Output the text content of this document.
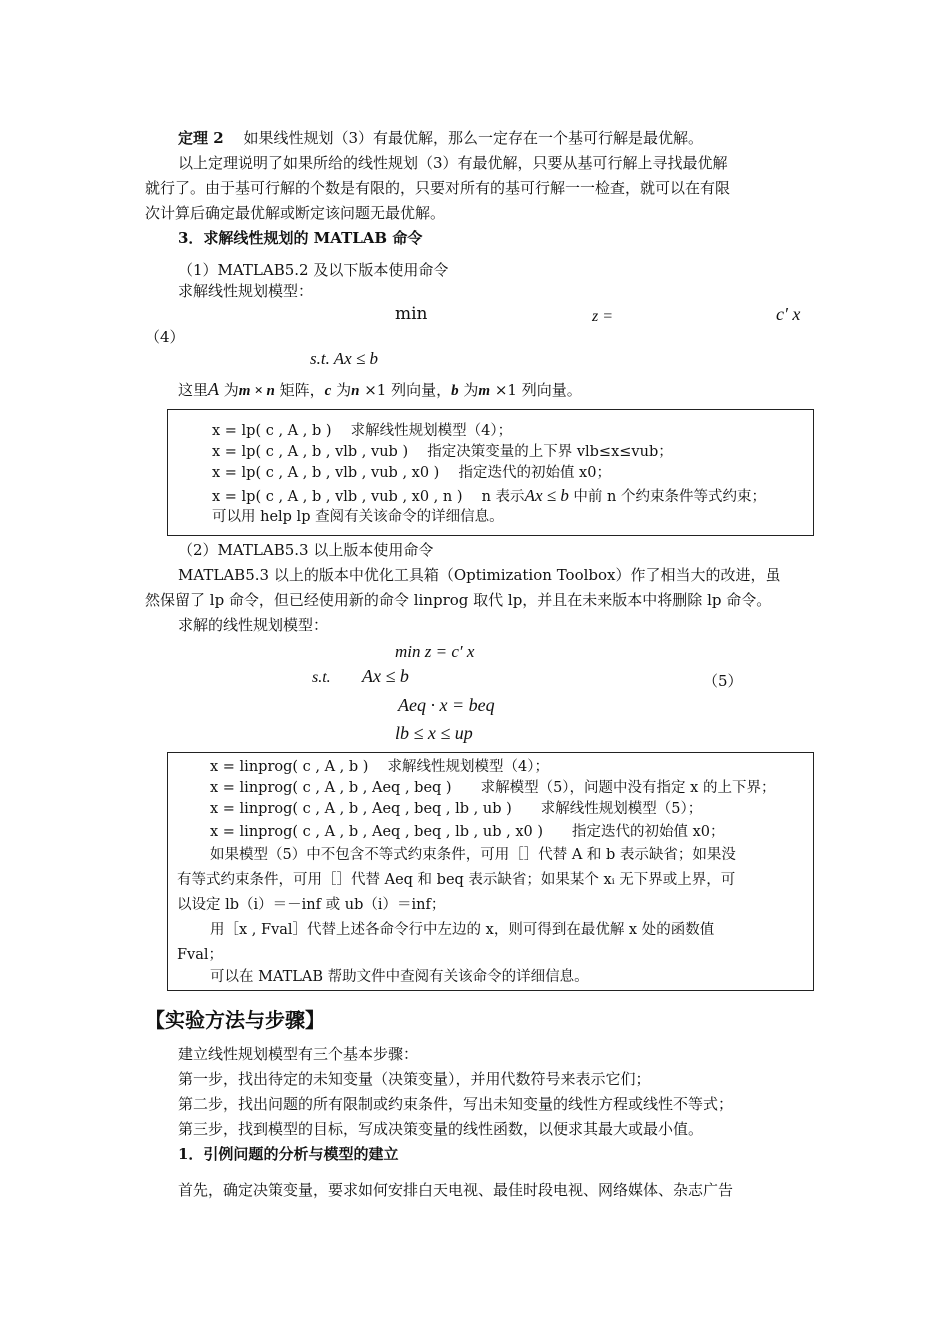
定理 2　 如果线性规划（3）有最优解，那么一定存在一个基可行解是最优解。
以上定理说明了如果所给的线性规划（3）有最优解，只要从基可行解上寻找最优解
就行了。由于基可行解的个数是有限的，只要对所有的基可行解一一检查，就可以在有限
次计算后确定最优解或断定该问题无最优解。
3．求解线性规划的 MATLAB 命令
（1）MATLAB5.2 及以下版本使用命令
求解线性规划模型：
min	z =	c′ x
（4）
s.t. Ax ≤ b
这里A 为m × n 矩阵，c 为n ×1 列向量，b 为m ×1 列向量。
x = lp( c , A , b )　 求解线性规划模型（4）；
x = lp( c , A , b , vlb , vub )　 指定决策变量的上下界 vlb≤x≤vub；
x = lp( c , A , b , vlb , vub , x0 )　 指定迭代的初始值 x0；
x = lp( c , A , b , vlb , vub , x0 , n )　 n 表示Ax ≤ b 中前 n 个约束条件等式约束；
可以用 help lp 查阅有关该命令的详细信息。
（2）MATLAB5.3 以上版本使用命令
MATLAB5.3 以上的版本中优化工具箱（Optimization Toolbox）作了相当大的改进，虽
然保留了 lp 命令，但已经使用新的命令 linprog 取代 lp，并且在未来版本中将删除 lp 命令。
求解的线性规划模型：
min z = c′ x
s.t. Ax ≤ b	（5）
Aeq · x = beq
lb ≤ x ≤ up
x = linprog( c , A , b )　 求解线性规划模型（4）；
x = linprog( c , A , b , Aeq , beq )　　求解模型（5），问题中没有指定 x 的上下界；
x = linprog( c , A , b , Aeq , beq , lb , ub )　　求解线性规划模型（5）；
x = linprog( c , A , b , Aeq , beq , lb , ub , x0 )　　指定迭代的初始值 x0；
如果模型（5）中不包含不等式约束条件，可用［］代替 A 和 b 表示缺省；如果没
有等式约束条件，可用［］代替 Aeq 和 beq 表示缺省；如果某个 xᵢ 无下界或上界，可
以设定 lb（i）＝－inf 或 ub（i）＝inf；
用［x , Fval］代替上述各命令行中左边的 x，则可得到在最优解 x 处的函数值
Fval；
可以在 MATLAB 帮助文件中查阅有关该命令的详细信息。
【实验方法与步骤】
建立线性规划模型有三个基本步骤：
第一步，找出待定的未知变量（决策变量），并用代数符号来表示它们；
第二步，找出问题的所有限制或约束条件，写出未知变量的线性方程或线性不等式；
第三步，找到模型的目标，写成决策变量的线性函数，以便求其最大或最小值。
1．引例问题的分析与模型的建立
首先，确定决策变量，要求如何安排白天电视、最佳时段电视、网络媒体、杂志广告
